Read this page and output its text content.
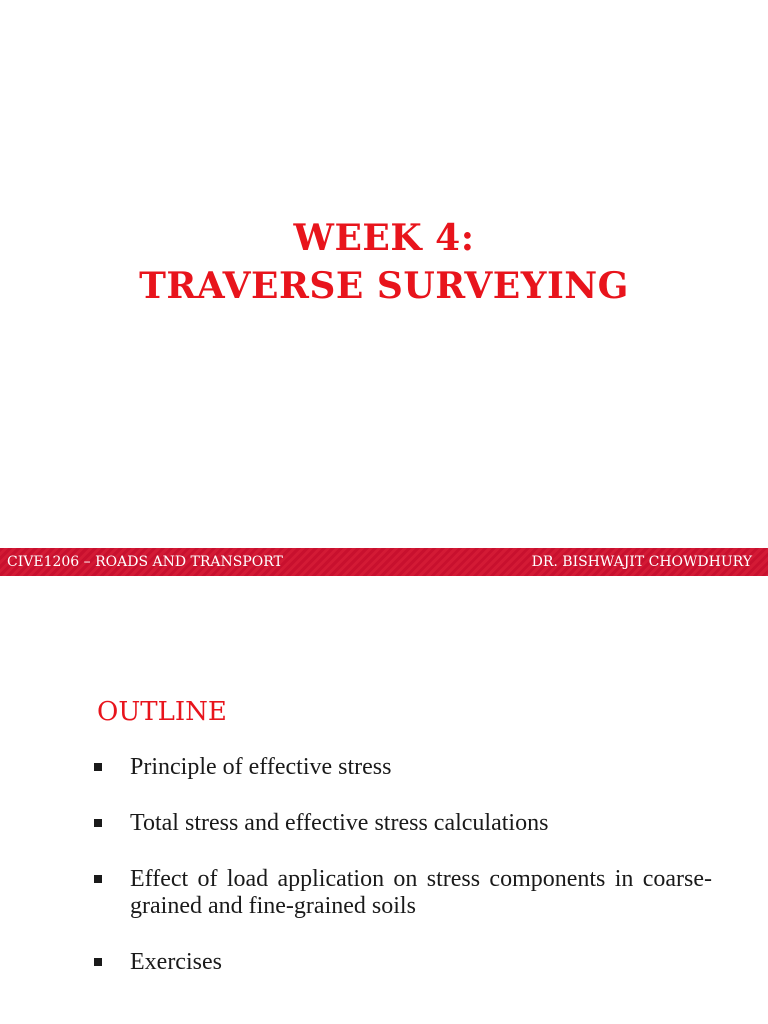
WEEK 4:
TRAVERSE SURVEYING
CIVE1206 – ROADS AND TRANSPORT	DR. BISHWAJIT CHOWDHURY
OUTLINE
Principle of effective stress
Total stress and effective stress calculations
Effect of load application on stress components in coarse-grained and fine-grained soils
Exercises
